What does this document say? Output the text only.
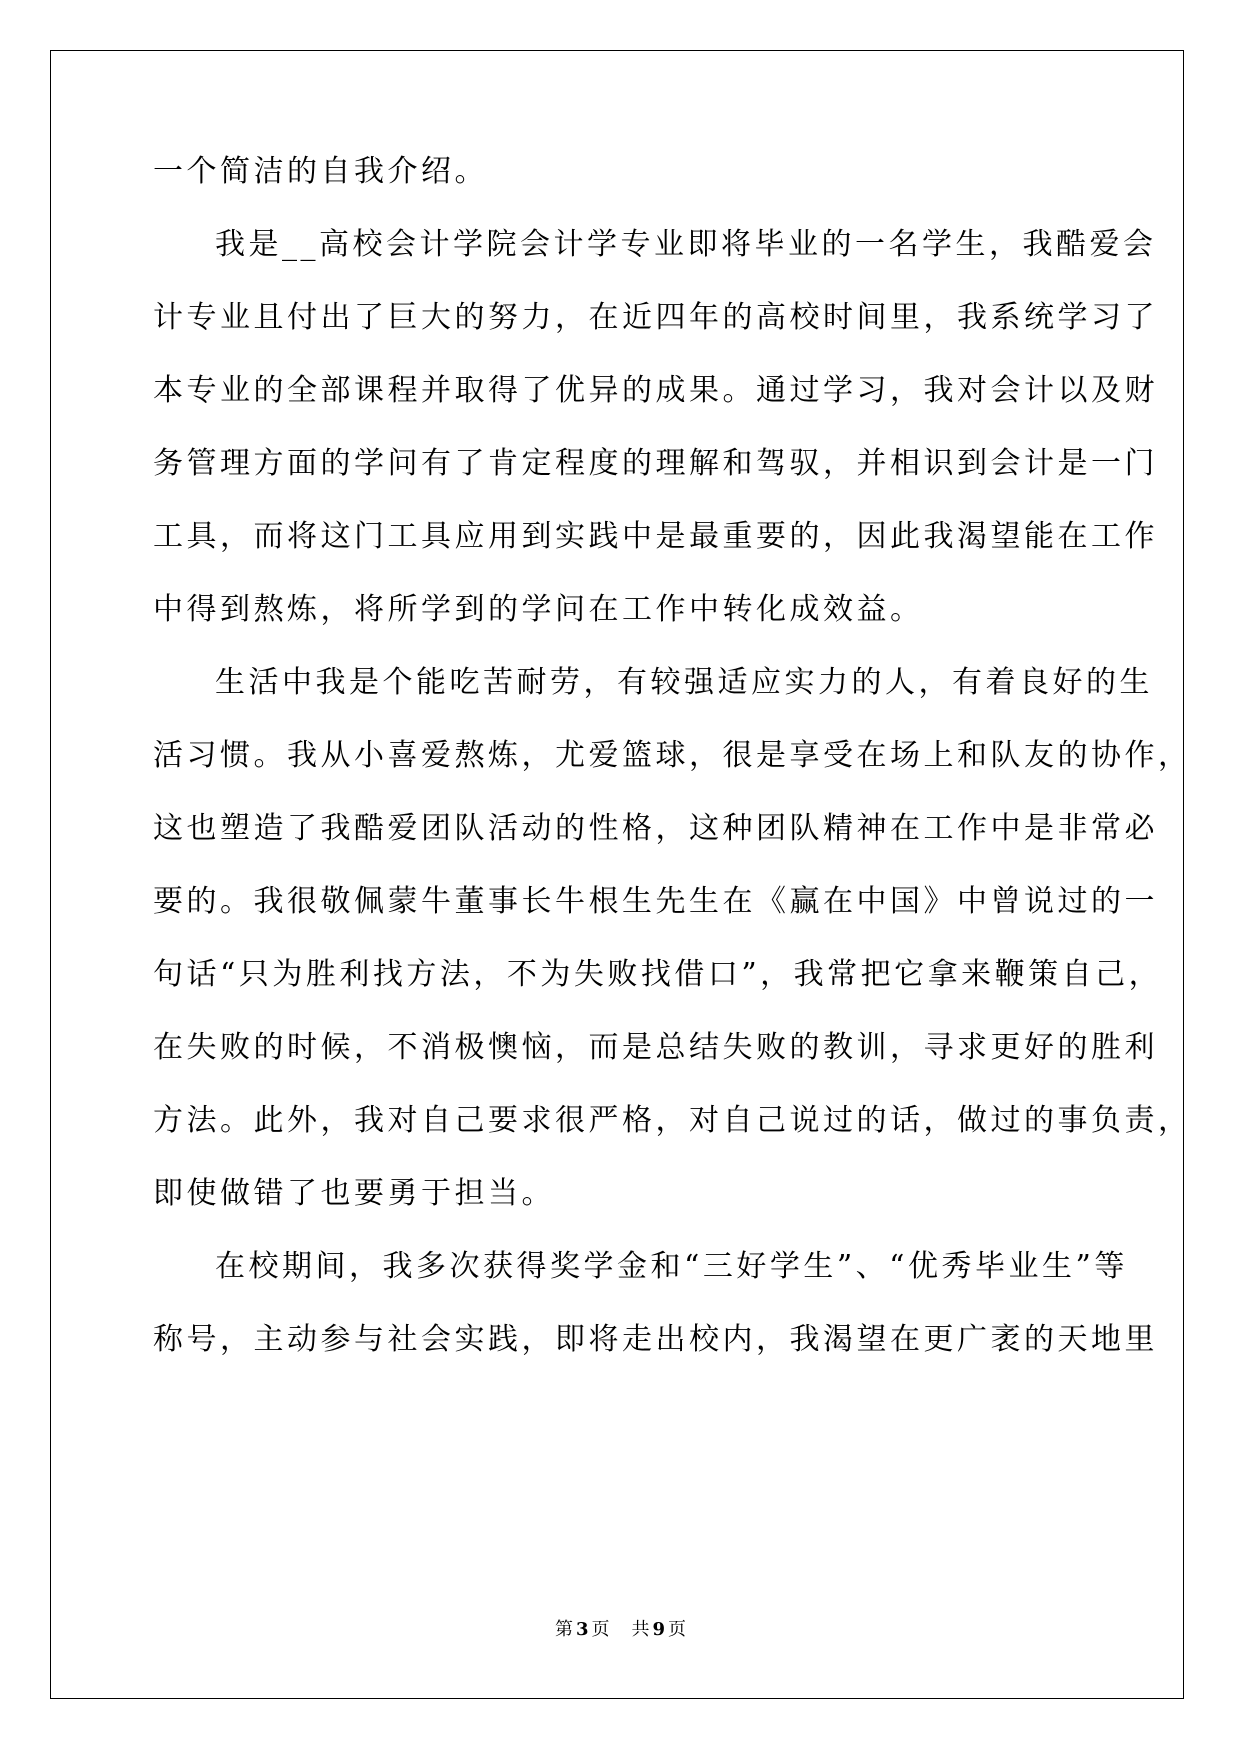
一个简洁的自我介绍。
我是__高校会计学院会计学专业即将毕业的一名学生，我酷爱会
计专业且付出了巨大的努力，在近四年的高校时间里，我系统学习了
本专业的全部课程并取得了优异的成果。通过学习，我对会计以及财
务管理方面的学问有了肯定程度的理解和驾驭，并相识到会计是一门
工具，而将这门工具应用到实践中是最重要的，因此我渴望能在工作
中得到熬炼，将所学到的学问在工作中转化成效益。
生活中我是个能吃苦耐劳，有较强适应实力的人，有着良好的生
活习惯。我从小喜爱熬炼，尤爱篮球，很是享受在场上和队友的协作，
这也塑造了我酷爱团队活动的性格，这种团队精神在工作中是非常必
要的。我很敬佩蒙牛董事长牛根生先生在《赢在中国》中曾说过的一
句话“只为胜利找方法，不为失败找借口”，我常把它拿来鞭策自己，
在失败的时候，不消极懊恼，而是总结失败的教训，寻求更好的胜利
方法。此外，我对自己要求很严格，对自己说过的话，做过的事负责，
即使做错了也要勇于担当。
在校期间，我多次获得奖学金和“三好学生”、“优秀毕业生”等
称号，主动参与社会实践，即将走出校内，我渴望在更广袤的天地里
第 3 页 共 9 页
